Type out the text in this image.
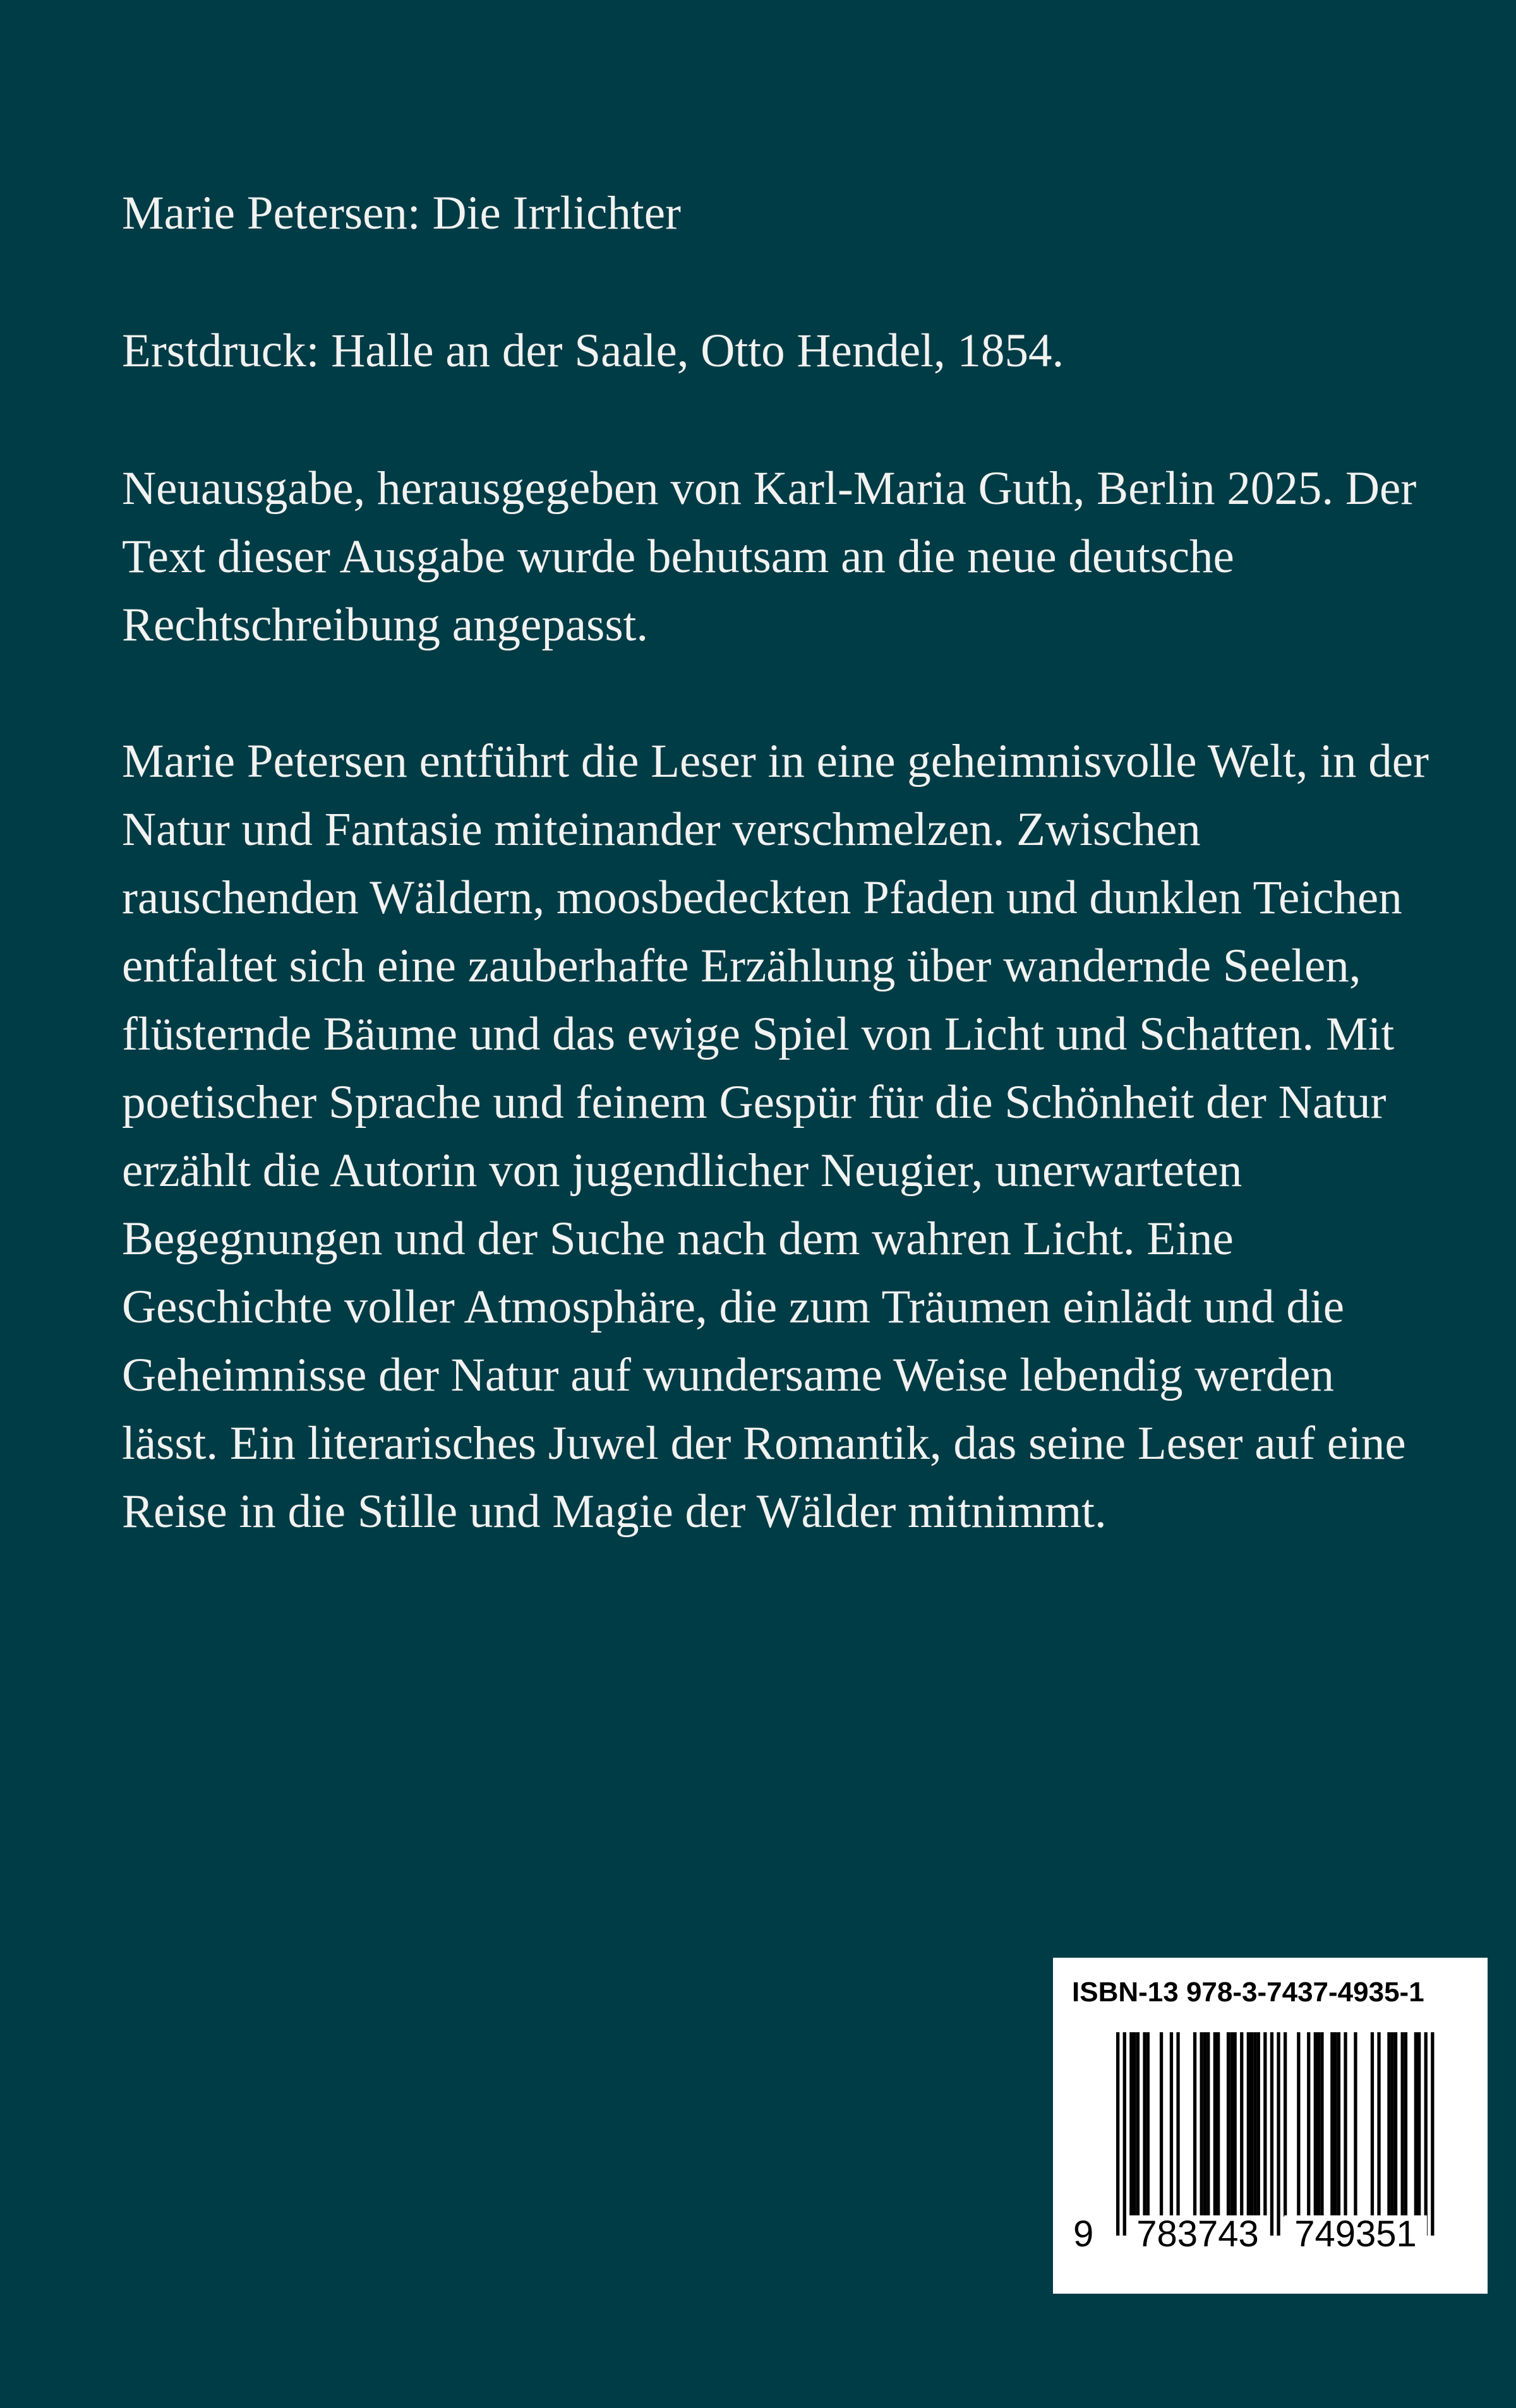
Marie Petersen: Die Irrlichter

Erstdruck: Halle an der Saale, Otto Hendel, 1854.

Neuausgabe, herausgegeben von Karl-Maria Guth, Berlin 2025. Der Text dieser Ausgabe wurde behutsam an die neue deutsche Rechtschreibung angepasst.

Marie Petersen entführt die Leser in eine geheimnisvolle Welt, in der Natur und Fantasie miteinander verschmelzen. Zwischen rauschenden Wäldern, moosbedeckten Pfaden und dunklen Teichen entfaltet sich eine zauberhafte Erzählung über wandernde Seelen, flüsternde Bäume und das ewige Spiel von Licht und Schatten. Mit poetischer Sprache und feinem Gespür für die Schönheit der Natur erzählt die Autorin von jugendlicher Neugier, unerwarteten Begegnungen und der Suche nach dem wahren Licht. Eine Geschichte voller Atmosphäre, die zum Träumen einlädt und die Geheimnisse der Natur auf wundersame Weise lebendig werden lässt. Ein literarisches Juwel der Romantik, das seine Leser auf eine Reise in die Stille und Magie der Wälder mitnimmt.

ISBN-13 978-3-7437-4935-1
9 783743 749351
